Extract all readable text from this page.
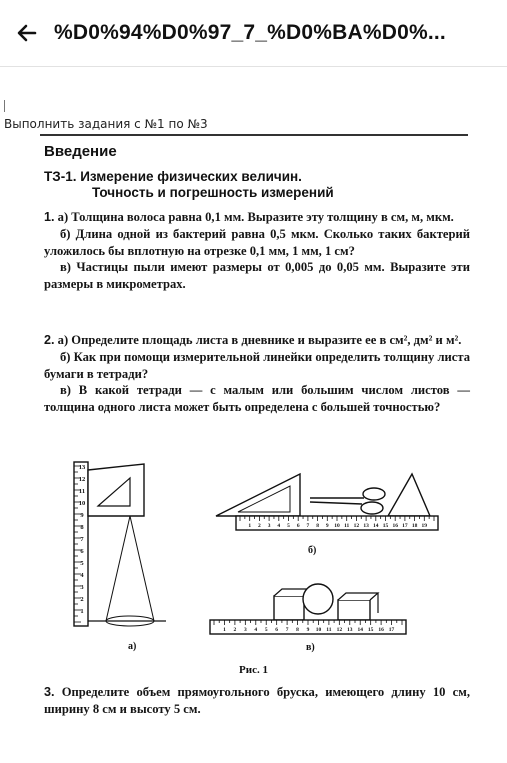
%D0%94%D0%97_7_%D0%BA%D0%...
Выполнить задания с №1 по №3
Введение
ТЗ-1. Измерение физических величин.
Точность и погрешность измерений

1. а) Толщина волоса равна 0,1 мм. Выразите эту толщину в см, м, мкм.

б) Длина одной из бактерий равна 0,5 мкм. Сколько таких бактерий уложилось бы вплотную на отрезке 0,1 мм, 1 мм, 1 см?

в) Частицы пыли имеют размеры от 0,005 до 0,05 мм. Выразите эти размеры в микрометрах.

2. а) Определите площадь листа в дневнике и выразите ее в см², дм² и м².

б) Как при помощи измерительной линейки определить толщину листа бумаги в тетради?

в) В какой тетради — с малым или большим числом листов — толщина одного листа может быть определена с большей точностью?

1
2
3
4
5
6
7
8
9
10
11
12
13
а)
1 2 3 4 5 6 7 8 9 10 11 12 13 14 15 16 17 18 19
б)
1 2 3 4 5 6 7 8 9 10 11 12 13 14 15 16 17
в)
Рис. 1

3. Определите объем прямоугольного бруска, имеющего длину 10 см, ширину 8 см и высоту 5 см.
